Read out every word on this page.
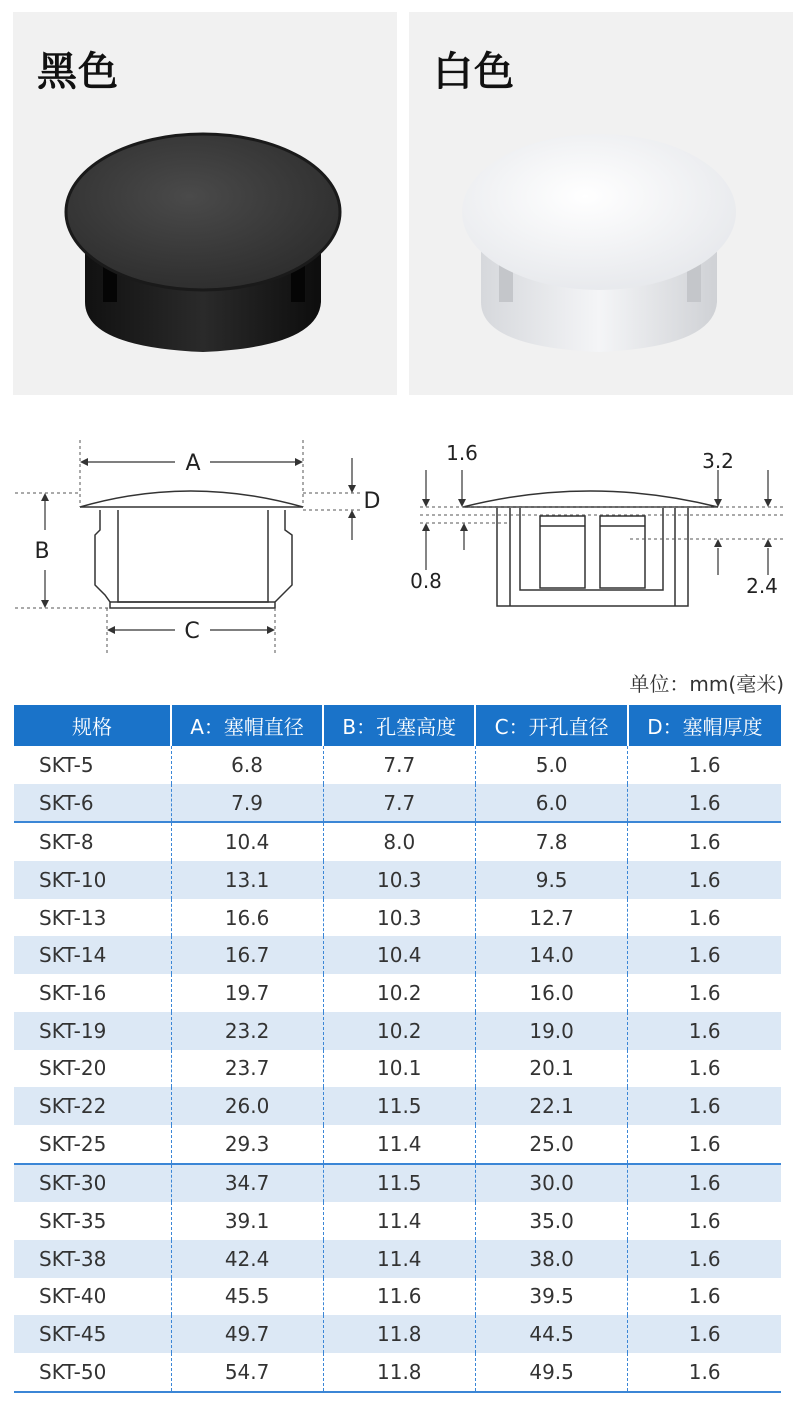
黑色	白色
A
B
C
D
1.6	3.2
0.8	2.4
单位：mm(毫米)
规格	A：塞帽直径	B：孔塞高度	C：开孔直径	D：塞帽厚度
SKT-5	6.8	7.7	5.0	1.6
SKT-6	7.9	7.7	6.0	1.6
SKT-8	10.4	8.0	7.8	1.6
SKT-10	13.1	10.3	9.5	1.6
SKT-13	16.6	10.3	12.7	1.6
SKT-14	16.7	10.4	14.0	1.6
SKT-16	19.7	10.2	16.0	1.6
SKT-19	23.2	10.2	19.0	1.6
SKT-20	23.7	10.1	20.1	1.6
SKT-22	26.0	11.5	22.1	1.6
SKT-25	29.3	11.4	25.0	1.6
SKT-30	34.7	11.5	30.0	1.6
SKT-35	39.1	11.4	35.0	1.6
SKT-38	42.4	11.4	38.0	1.6
SKT-40	45.5	11.6	39.5	1.6
SKT-45	49.7	11.8	44.5	1.6
SKT-50	54.7	11.8	49.5	1.6
